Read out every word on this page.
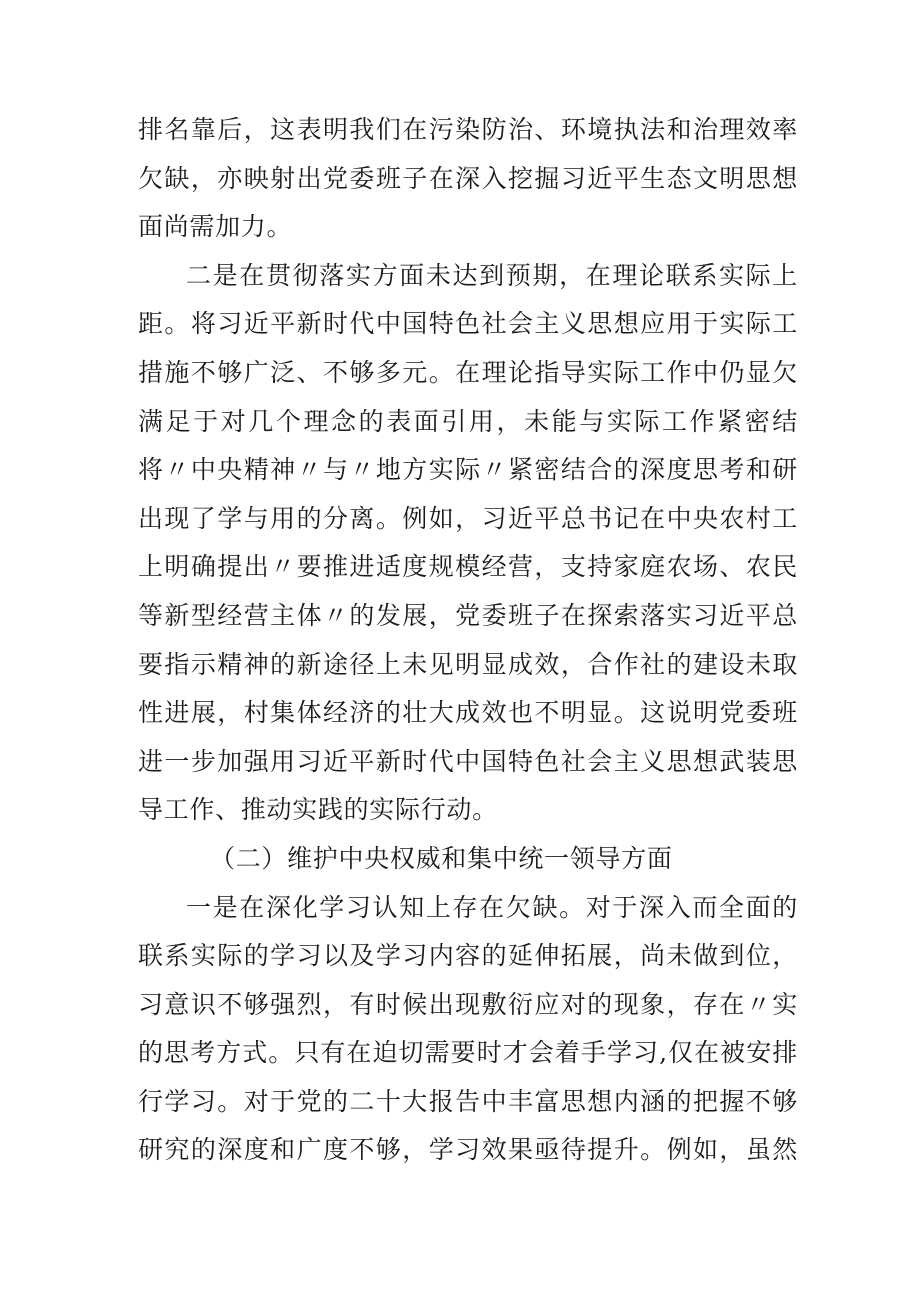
排名靠后，这表明我们在污染防治、环境执法和治理效率
欠缺，亦映射出党委班子在深入挖掘习近平生态文明思想
面尚需加力。
二是在贯彻落实方面未达到预期，在理论联系实际上
距。将习近平新时代中国特色社会主义思想应用于实际工
措施不够广泛、不够多元。在理论指导实际工作中仍显欠
满足于对几个理念的表面引用，未能与实际工作紧密结
将〃中央精神〃与〃地方实际〃紧密结合的深度思考和研
出现了学与用的分离。例如，习近平总书记在中央农村工
上明确提出〃要推进适度规模经营，支持家庭农场、农民
等新型经营主体〃的发展，党委班子在探索落实习近平总
要指示精神的新途径上未见明显成效，合作社的建设未取
性进展，村集体经济的壮大成效也不明显。这说明党委班
进一步加强用习近平新时代中国特色社会主义思想武装思
导工作、推动实践的实际行动。
（二）维护中央权威和集中统一领导方面
一是在深化学习认知上存在欠缺。对于深入而全面的
联系实际的学习以及学习内容的延伸拓展，尚未做到位，
习意识不够强烈，有时候出现敷衍应对的现象，存在〃实
的思考方式。只有在迫切需要时才会着手学习,仅在被安排
行学习。对于党的二十大报告中丰富思想内涵的把握不够
研究的深度和广度不够，学习效果亟待提升。例如，虽然
